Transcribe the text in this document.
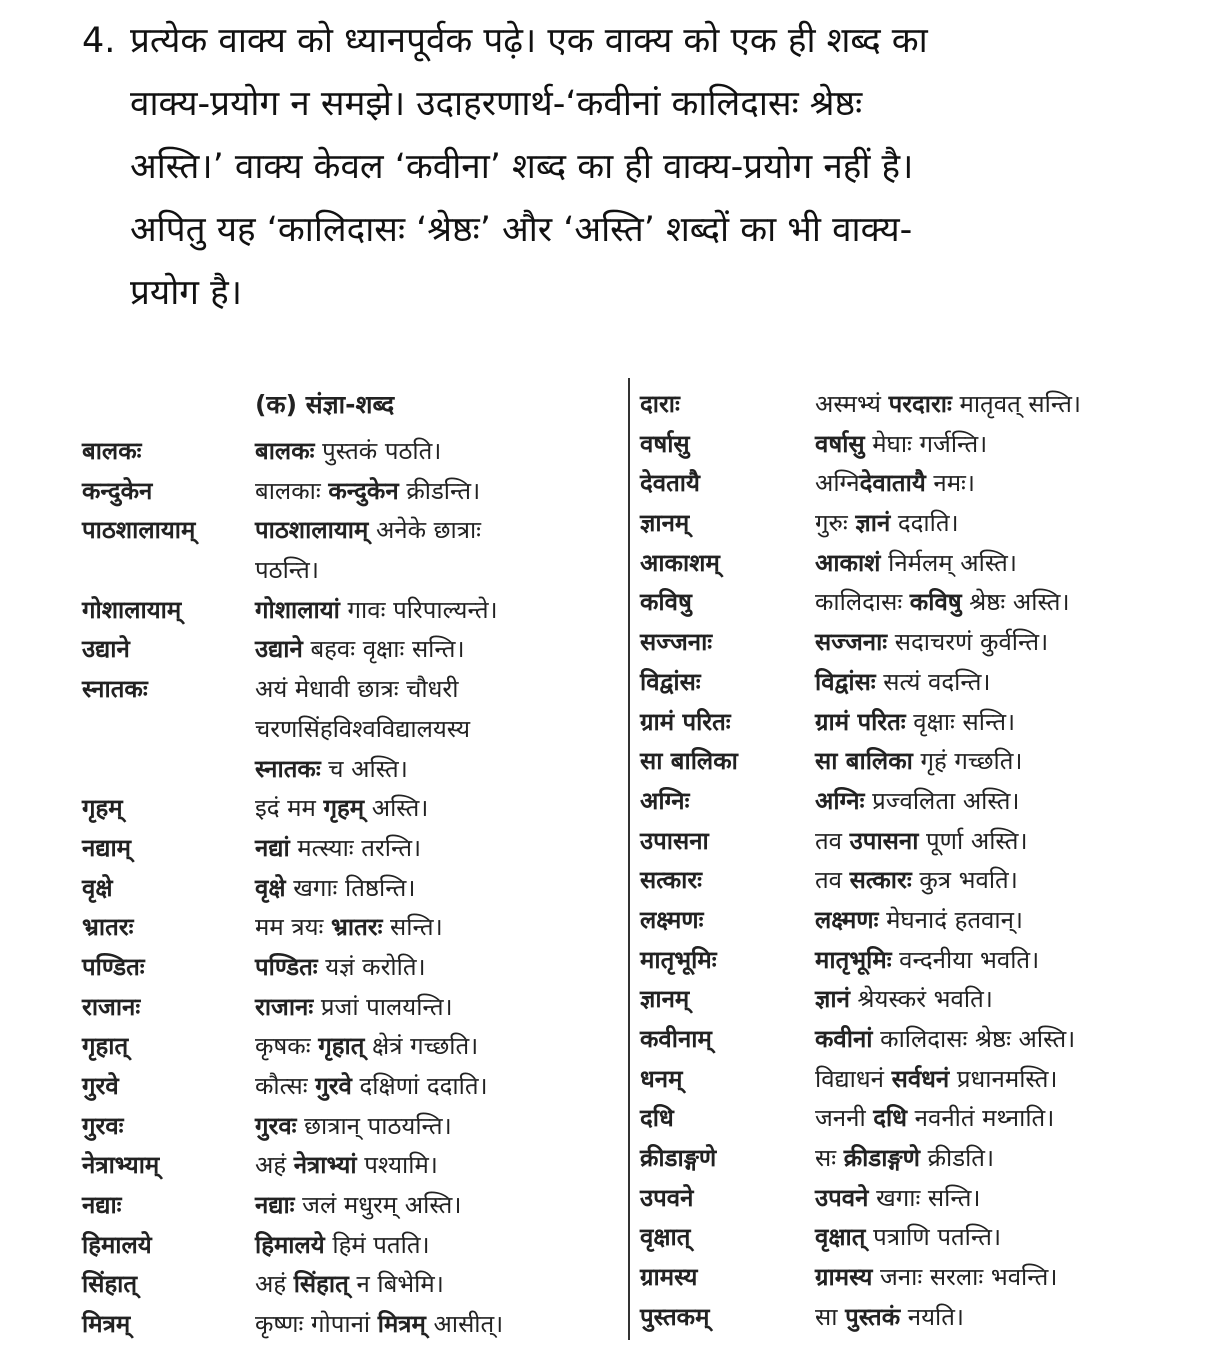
4. प्रत्येक वाक्य को ध्यानपूर्वक पढ़े। एक वाक्य को एक ही शब्द का
वाक्य-प्रयोग न समझे। उदाहरणार्थ-‘कवीनां कालिदासः श्रेष्ठः
अस्ति।’ वाक्य केवल ‘कवीना’ शब्द का ही वाक्य-प्रयोग नहीं है।
अपितु यह ‘कालिदासः ‘श्रेष्ठः’ और ‘अस्ति’ शब्दों का भी वाक्य-
प्रयोग है।
(क) संज्ञा-शब्द
बालकः	बालकः पुस्तकं पठति।
कन्दुकेन	बालकाः कन्दुकेन क्रीडन्ति।
पाठशालायाम्	पाठशालायाम् अनेके छात्राः
पठन्ति।
गोशालायाम्	गोशालायां गावः परिपाल्यन्ते।
उद्याने	उद्याने बहवः वृक्षाः सन्ति।
स्नातकः	अयं मेधावी छात्रः चौधरी
चरणसिंहविश्वविद्यालयस्य
स्नातकः च अस्ति।
गृहम्	इदं मम गृहम् अस्ति।
नद्याम्	नद्यां मत्स्याः तरन्ति।
वृक्षे	वृक्षे खगाः तिष्ठन्ति।
भ्रातरः	मम त्रयः भ्रातरः सन्ति।
पण्डितः	पण्डितः यज्ञं करोति।
राजानः	राजानः प्रजां पालयन्ति।
गृहात्	कृषकः गृहात् क्षेत्रं गच्छति।
गुरवे	कौत्सः गुरवे दक्षिणां ददाति।
गुरवः	गुरवः छात्रान् पाठयन्ति।
नेत्राभ्याम्	अहं नेत्राभ्यां पश्यामि।
नद्याः	नद्याः जलं मधुरम् अस्ति।
हिमालये	हिमालये हिमं पतति।
सिंहात्	अहं सिंहात् न बिभेमि।
मित्रम्	कृष्णः गोपानां मित्रम् आसीत्।
दाराः	अस्मभ्यं परदाराः मातृवत् सन्ति।
वर्षासु	वर्षासु मेघाः गर्जन्ति।
देवतायै	अग्निदेवातायै नमः।
ज्ञानम्	गुरुः ज्ञानं ददाति।
आकाशम्	आकाशं निर्मलम् अस्ति।
कविषु	कालिदासः कविषु श्रेष्ठः अस्ति।
सज्जनाः	सज्जनाः सदाचरणं कुर्वन्ति।
विद्वांसः	विद्वांसः सत्यं वदन्ति।
ग्रामं परितः	ग्रामं परितः वृक्षाः सन्ति।
सा बालिका	सा बालिका गृहं गच्छति।
अग्निः	अग्निः प्रज्वलिता अस्ति।
उपासना	तव उपासना पूर्णा अस्ति।
सत्कारः	तव सत्कारः कुत्र भवति।
लक्ष्मणः	लक्ष्मणः मेघनादं हतवान्।
मातृभूमिः	मातृभूमिः वन्दनीया भवति।
ज्ञानम्	ज्ञानं श्रेयस्करं भवति।
कवीनाम्	कवीनां कालिदासः श्रेष्ठः अस्ति।
धनम्	विद्याधनं सर्वधनं प्रधानमस्ति।
दधि	जननी दधि नवनीतं मथ्नाति।
क्रीडाङ्गणे	सः क्रीडाङ्गणे क्रीडति।
उपवने	उपवने खगाः सन्ति।
वृक्षात्	वृक्षात् पत्राणि पतन्ति।
ग्रामस्य	ग्रामस्य जनाः सरलाः भवन्ति।
पुस्तकम्	सा पुस्तकं नयति।
